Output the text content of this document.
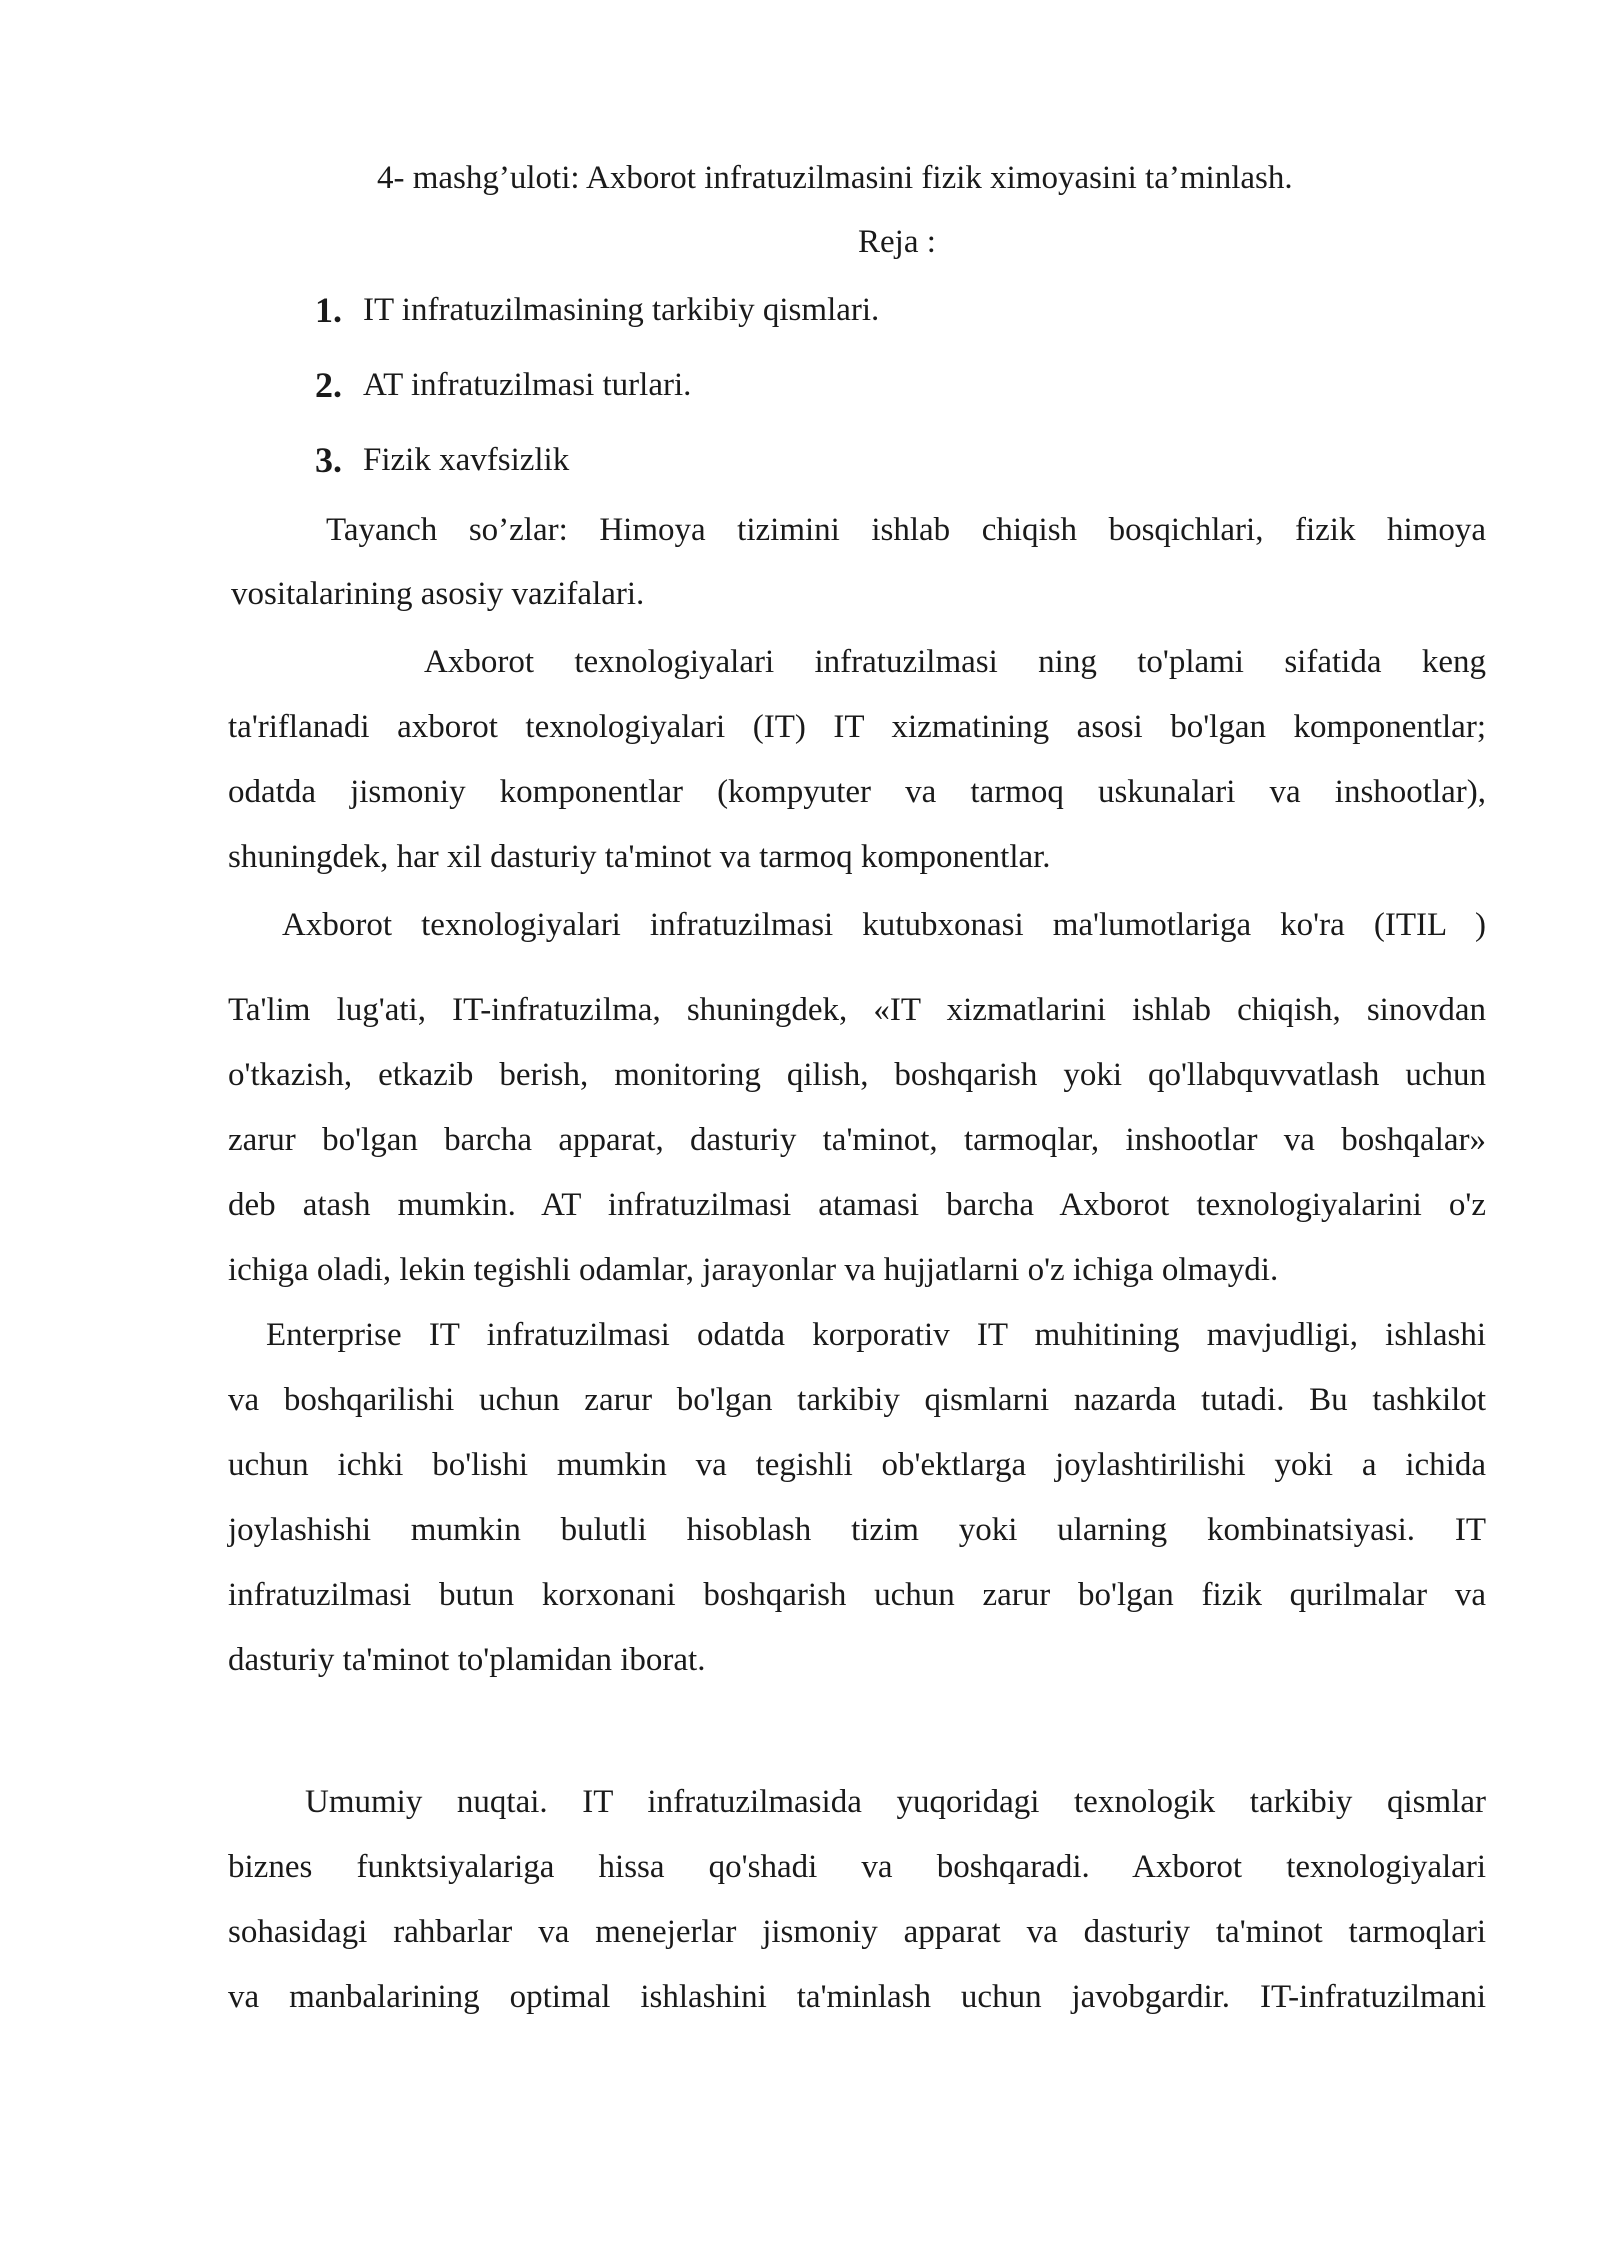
4- mashg’uloti: Axborot infratuzilmasini fizik ximoyasini ta’minlash.
Reja :
1. IT infratuzilmasining tarkibiy qismlari.
2. AT infratuzilmasi turlari.
3. Fizik xavfsizlik
Tayanch so’zlar: Himoya tizimini ishlab chiqish bosqichlari, fizik himoya
vositalarining asosiy vazifalari.
Axborot texnologiyalari infratuzilmasi ning to'plami sifatida keng
ta'riflanadi axborot texnologiyalari (IT) IT xizmatining asosi bo'lgan komponentlar;
odatda jismoniy komponentlar (kompyuter va tarmoq uskunalari va inshootlar),
shuningdek, har xil dasturiy ta'minot va tarmoq komponentlar.
Axborot texnologiyalari infratuzilmasi kutubxonasi ma'lumotlariga ko'ra (ITIL )
Ta'lim lug'ati, IT-infratuzilma, shuningdek, «IT xizmatlarini ishlab chiqish, sinovdan
o'tkazish, etkazib berish, monitoring qilish, boshqarish yoki qo'llabquvvatlash uchun
zarur bo'lgan barcha apparat, dasturiy ta'minot, tarmoqlar, inshootlar va boshqalar»
deb atash mumkin. AT infratuzilmasi atamasi barcha Axborot texnologiyalarini o'z
ichiga oladi, lekin tegishli odamlar, jarayonlar va hujjatlarni o'z ichiga olmaydi.
Enterprise IT infratuzilmasi odatda korporativ IT muhitining mavjudligi, ishlashi
va boshqarilishi uchun zarur bo'lgan tarkibiy qismlarni nazarda tutadi. Bu tashkilot
uchun ichki bo'lishi mumkin va tegishli ob'ektlarga joylashtirilishi yoki a ichida
joylashishi mumkin bulutli hisoblash tizim yoki ularning kombinatsiyasi. IT
infratuzilmasi butun korxonani boshqarish uchun zarur bo'lgan fizik qurilmalar va
dasturiy ta'minot to'plamidan iborat.
Umumiy nuqtai. IT infratuzilmasida yuqoridagi texnologik tarkibiy qismlar
biznes funktsiyalariga hissa qo'shadi va boshqaradi. Axborot texnologiyalari
sohasidagi rahbarlar va menejerlar jismoniy apparat va dasturiy ta'minot tarmoqlari
va manbalarining optimal ishlashini ta'minlash uchun javobgardir. IT-infratuzilmani
